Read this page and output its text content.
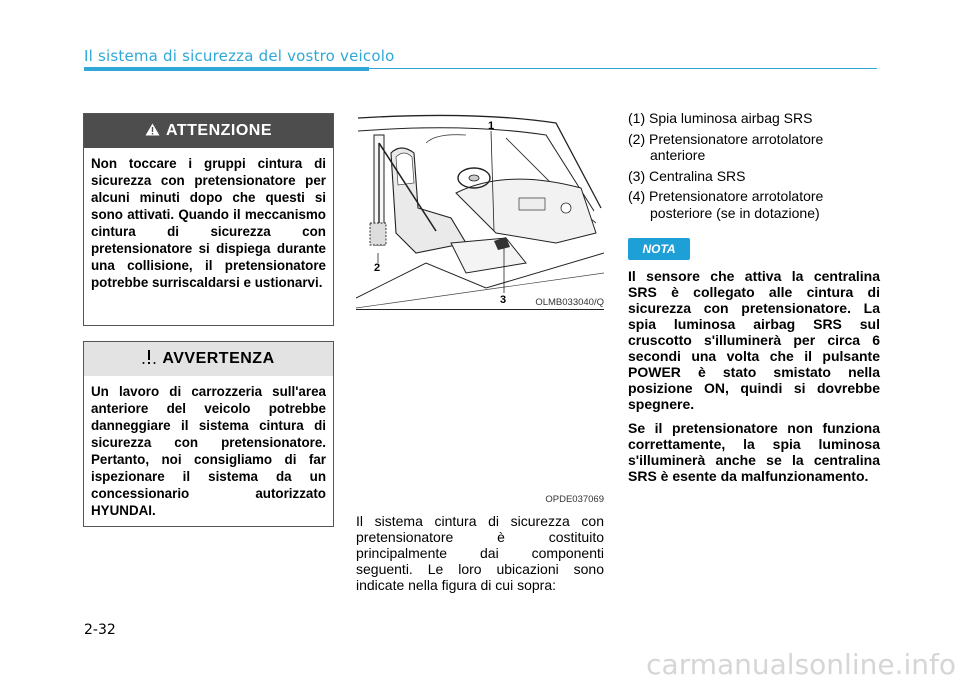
Il sistema di sicurezza del vostro veicolo
ATTENZIONE
Non toccare i gruppi cintura di sicurezza con pretensionatore per alcuni minuti dopo che questi si sono attivati. Quando il meccanismo cintura di sicurezza con pretensionatore si dispiega durante una collisione, il pretensionatore potrebbe surriscaldarsi e ustionarvi.
AVVERTENZA
Un lavoro di carrozzeria sull'area anteriore del veicolo potrebbe danneggiare il sistema cintura di sicurezza con pretensionatore. Pertanto, noi consigliamo di far ispezionare il sistema da un concessionario autorizzato HYUNDAI.
1
2
3	OLMB033040/Q
OPDE037069
Il sistema cintura di sicurezza con pretensionatore è costituito principalmente dai componenti seguenti. Le loro ubicazioni sono indicate nella figura di cui sopra:
(1) Spia luminosa airbag SRS
(2) Pretensionatore arrotolatore
anteriore
(3) Centralina SRS
(4) Pretensionatore arrotolatore
posteriore (se in dotazione)
NOTA

Il sensore che attiva la centralina SRS è collegato alle cintura di sicurezza con pretensionatore. La spia luminosa airbag SRS sul cruscotto s'illuminerà per circa 6 secondi una volta che il pulsante POWER è stato smistato nella posizione ON, quindi si dovrebbe spegnere.

Se il pretensionatore non funziona correttamente, la spia luminosa s'illuminerà anche se la centralina SRS è esente da malfunzionamento.

2-32
carmanualsonline.info
